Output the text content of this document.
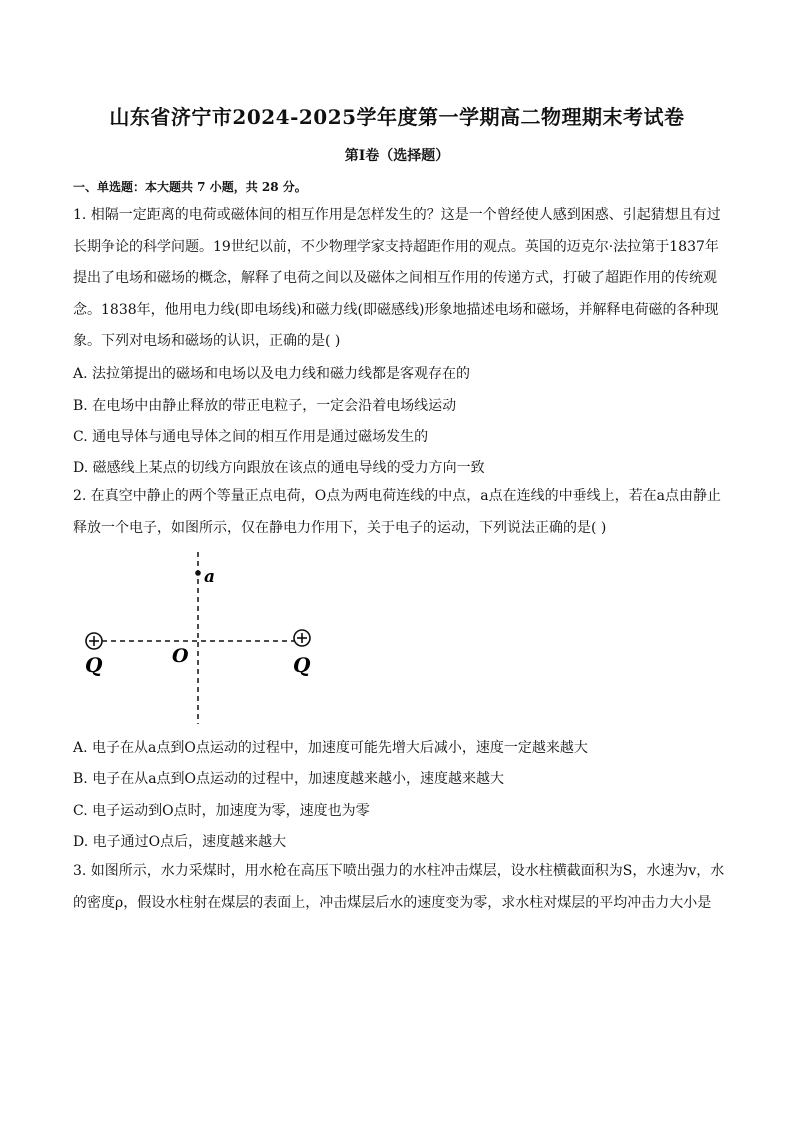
山东省济宁市2024-2025学年度第一学期高二物理期末考试卷
第I卷（选择题）
一、单选题：本大题共 7 小题，共 28 分。
1. 相隔一定距离的电荷或磁体间的相互作用是怎样发生的？这是一个曾经使人感到困惑、引起猜想且有过长期争论的科学问题。19世纪以前，不少物理学家支持超距作用的观点。英国的迈克尔·法拉第于1837年提出了电场和磁场的概念，解释了电荷之间以及磁体之间相互作用的传递方式，打破了超距作用的传统观念。1838年，他用电力线(即电场线)和磁力线(即磁感线)形象地描述电场和磁场，并解释电荷磁的各种现象。下列对电场和磁场的认识，正确的是( )
A. 法拉第提出的磁场和电场以及电力线和磁力线都是客观存在的
B. 在电场中由静止释放的带正电粒子，一定会沿着电场线运动
C. 通电导体与通电导体之间的相互作用是通过磁场发生的
D. 磁感线上某点的切线方向跟放在该点的通电导线的受力方向一致
2. 在真空中静止的两个等量正点电荷，O点为两电荷连线的中点，a点在连线的中垂线上，若在a点由静止释放一个电子，如图所示，仅在静电力作用下，关于电子的运动，下列说法正确的是( )
a
O
Q	Q
A. 电子在从a点到O点运动的过程中，加速度可能先增大后减小，速度一定越来越大
B. 电子在从a点到O点运动的过程中，加速度越来越小，速度越来越大
C. 电子运动到O点时，加速度为零，速度也为零
D. 电子通过O点后，速度越来越大
3. 如图所示，水力采煤时，用水枪在高压下喷出强力的水柱冲击煤层，设水柱横截面积为S，水速为v，水的密度ρ，假设水柱射在煤层的表面上，冲击煤层后水的速度变为零，求水柱对煤层的平均冲击力大小是
